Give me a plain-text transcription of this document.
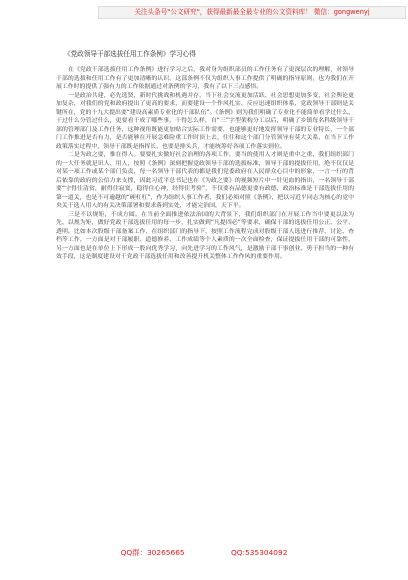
关注头条号"公文研究"，获得最新最全最专业的公文资料库！ 微信：gongwenyj
《党政领导干部选拔任用工作条例》学习心得

在《党政干部选拔任用工作条例》进行学习之后，我对身为组织部员的工作任务有了更深层次的理解，对领导干部的选拔和任用工作有了更加清晰的认识。这部条例不仅为组织人事工作提供了明确的指导原则，也为我们在开展工作时的提供了强有力的工作依据通过对条例的学习，我有了以下三点感悟。

一是政治共建，必先选贤，新时代挑战和机遇并存，当下社会交流更加活跃、社会思想更加多变、社会舆论更加复杂，对我们的党和政府提出了更高的要求，而要建设一个作风扎实、反应迅速组织体系，党政领导干部则是关键所在，党的十九大提出要“建设高素质专业化的干部队伍”。《条例》则为我们明确了专业化不能简单看学过什么、干过什么分管过什么，更要看干成了哪些事，干得怎么样，自“三”字型架构分工以后，明确了乡镇每名科级领导干部的管理部门及工作任务，这种视角既能更加贴合实际工作需要，也能够更好地发挥领导干部的专业特长，一个部门工作推进是否有力，是否能够在开展急难险重工作时顶上去，往往和这个部门分管领导有莫大关系，在当下工作政策落实过程中，领导干部既是指挥长，也要是排头兵，才能统筹好各项工作落实到位。

二是为政之要，惟在得人。要要扎实做好社会治理的各项工作，要当的使用人才则是重中之重，我们组织部门的一大任务就是识人、用人，按照《条例》深刻把握党政领导干部的选拔标准，领导干部的提拔任用，绝不仅仅是对某一项工作或某个部门负责，每一名领导干部代表的都是我们党委政府在人民群众心目中的形象，一言一行的背后依靠的政府的公信力来支撑，因此习近平总书记也在《为政之要》的视频短片中一针见血的指出，一名领导干部要“守得住清贫，耐得住寂寞，稳得住心神，经得住考验”，不仅要有品德更要有政德，政治标准是干部选拔任用的第一道关，也是不可逾越的“硬杠杠”，作为组织人事工作者，我们必须对照《条例》，把以习近平同志为核心的党中央关于选人用人的有关决策部署和要求落到实处，才能完治国，天下平。

三是不以规矩，不成方圆。在当前全面推进依法治国的大背景下，我们组织部门在开展工作当中要更以法为先、以规为矩，做好党政干部选拔任用的每一步，扎实做到“凡提四必”等要求，确保干部的选拔任用公正、公平、透明。比如本次股级干部备案工作，在组织部门的指导下，按照工作流程完成对股级干部人选进行推荐、讨论、查档等工作，一方面是对干部履职、道德修养、工作成绩等个人素质的一次全面检查，保证提拔任用干部的可靠性，另一方面也是在单位上下形成一股向优秀学习，向先进学习的工作风气，是激励干部干事创业、勇于担当的一种有效手段，这是制度建设对于党政干部选拔任用和改善提升机关整体工作作风的重要作用。

QQ群：30265665	QQ:535304092
